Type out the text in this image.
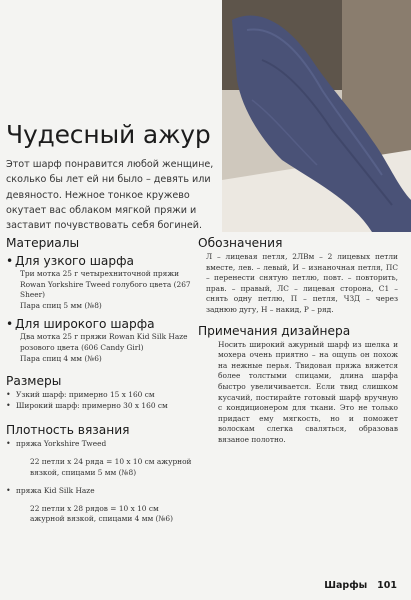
Чудесный ажур
Этот шарф понравится любой женщине, сколько бы лет ей ни было – девять или девяносто. Нежное тонкое кружево окутает вас облаком мягкой пряжи и заставит почувствовать себя богиней.
Материалы
• Для узкого шарфа

Три мотка 25 г четырехниточной пряжи Rowan Yorkshire Tweed голубого цвета (267 Sheer)

Пара спиц 5 мм (№8)

• Для широкого шарфа

Два мотка 25 г пряжи Rowan Kid Silk Haze розового цвета (606 Candy Girl)

Пара спиц 4 мм (№6)

Размеры

• Узкий шарф: примерно 15 х 160 см

• Широкий шарф: примерно 30 х 160 см

Плотность вязания

• пряжа Yorkshire Tweed

22 петли х 24 ряда = 10 х 10 см ажурной вязкой, спицами 5 мм (№8)

• пряжа Kid Silk Haze

22 петли х 28 рядов = 10 х 10 см ажурной вязкой, спицами 4 мм (№6)

Обозначения

Л – лицевая петля, 2ЛВм – 2 лицевых петли вместе, лев. – левый, И – изнаночная петля, ПС – перенести снятую петлю, повт. – повторить, прав. – правый, ЛС – лицевая сторона, С1 – снять одну петлю, П – петля, ЧЗД – через заднюю дугу, Н – накид, Р – ряд.

Примечания дизайнера

Носить широкий ажурный шарф из шелка и мохера очень приятно – на ощупь он похож на нежные перья. Твидовая пряжа вяжется более толстыми спицами, длина шарфа быстро увеличивается. Если твид слишком кусачий, постирайте готовый шарф вручную с кондиционером для ткани. Это не только придаст ему мягкость, но и поможет волоскам слегка сваляться, образовав вязаное полотно.

Шарфы 101
